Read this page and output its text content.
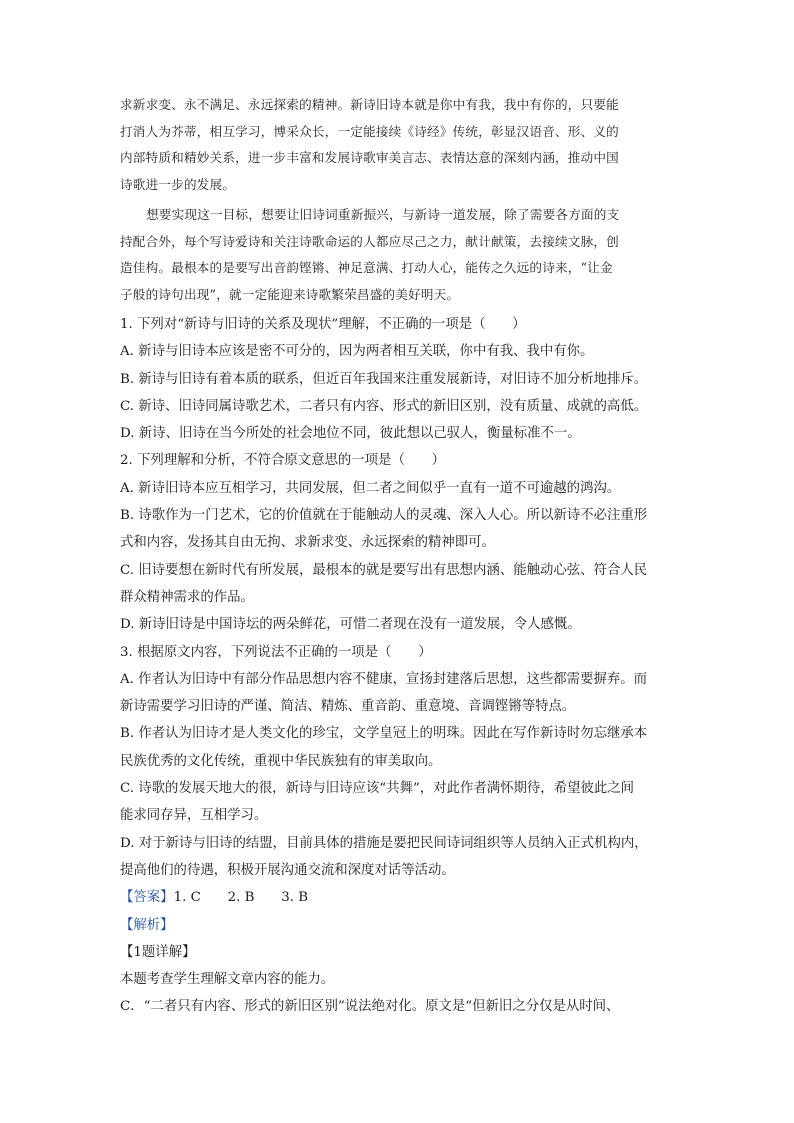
求新求变、永不满足、永远探索的精神。新诗旧诗本就是你中有我，我中有你的，只要能
打消人为芥蒂，相互学习，博采众长，一定能接续《诗经》传统，彰显汉语音、形、义的
内部特质和精妙关系，进一步丰富和发展诗歌审美言志、表情达意的深刻内涵，推动中国
诗歌进一步的发展。
想要实现这一目标，想要让旧诗词重新振兴，与新诗一道发展，除了需要各方面的支
持配合外，每个写诗爱诗和关注诗歌命运的人都应尽己之力，献计献策，去接续文脉，创
造佳构。最根本的是要写出音韵铿锵、神足意满、打动人心，能传之久远的诗来，“让金
子般的诗句出现”，就一定能迎来诗歌繁荣昌盛的美好明天。
1. 下列对“新诗与旧诗的关系及现状”理解，不正确的一项是（　　）
A. 新诗与旧诗本应该是密不可分的，因为两者相互关联，你中有我、我中有你。
B. 新诗与旧诗有着本质的联系，但近百年我国来注重发展新诗，对旧诗不加分析地排斥。
C. 新诗、旧诗同属诗歌艺术，二者只有内容、形式的新旧区别，没有质量、成就的高低。
D. 新诗、旧诗在当今所处的社会地位不同，彼此想以己驭人，衡量标准不一。
2. 下列理解和分析，不符合原文意思的一项是（　　）
A. 新诗旧诗本应互相学习，共同发展，但二者之间似乎一直有一道不可逾越的鸿沟。
B. 诗歌作为一门艺术，它的价值就在于能触动人的灵魂、深入人心。所以新诗不必注重形
式和内容，发扬其自由无拘、求新求变、永远探索的精神即可。
C. 旧诗要想在新时代有所发展，最根本的就是要写出有思想内涵、能触动心弦、符合人民
群众精神需求的作品。
D. 新诗旧诗是中国诗坛的两朵鲜花，可惜二者现在没有一道发展，令人感慨。
3. 根据原文内容，下列说法不正确的一项是（　　）
A. 作者认为旧诗中有部分作品思想内容不健康，宣扬封建落后思想，这些都需要摒弃。而
新诗需要学习旧诗的严谨、简洁、精炼、重音韵、重意境、音调铿锵等特点。
B. 作者认为旧诗才是人类文化的珍宝，文学皇冠上的明珠。因此在写作新诗时勿忘继承本
民族优秀的文化传统，重视中华民族独有的审美取向。
C. 诗歌的发展天地大的很，新诗与旧诗应该“共舞”，对此作者满怀期待，希望彼此之间
能求同存异，互相学习。
D. 对于新诗与旧诗的结盟，目前具体的措施是要把民间诗词组织等人员纳入正式机构内，
提高他们的待遇，积极开展沟通交流和深度对话等活动。
【答案】1. C　　2. B　　3. B
【解析】
【1题详解】
本题考查学生理解文章内容的能力。
C．“二者只有内容、形式的新旧区别”说法绝对化。原文是“但新旧之分仅是从时间、
